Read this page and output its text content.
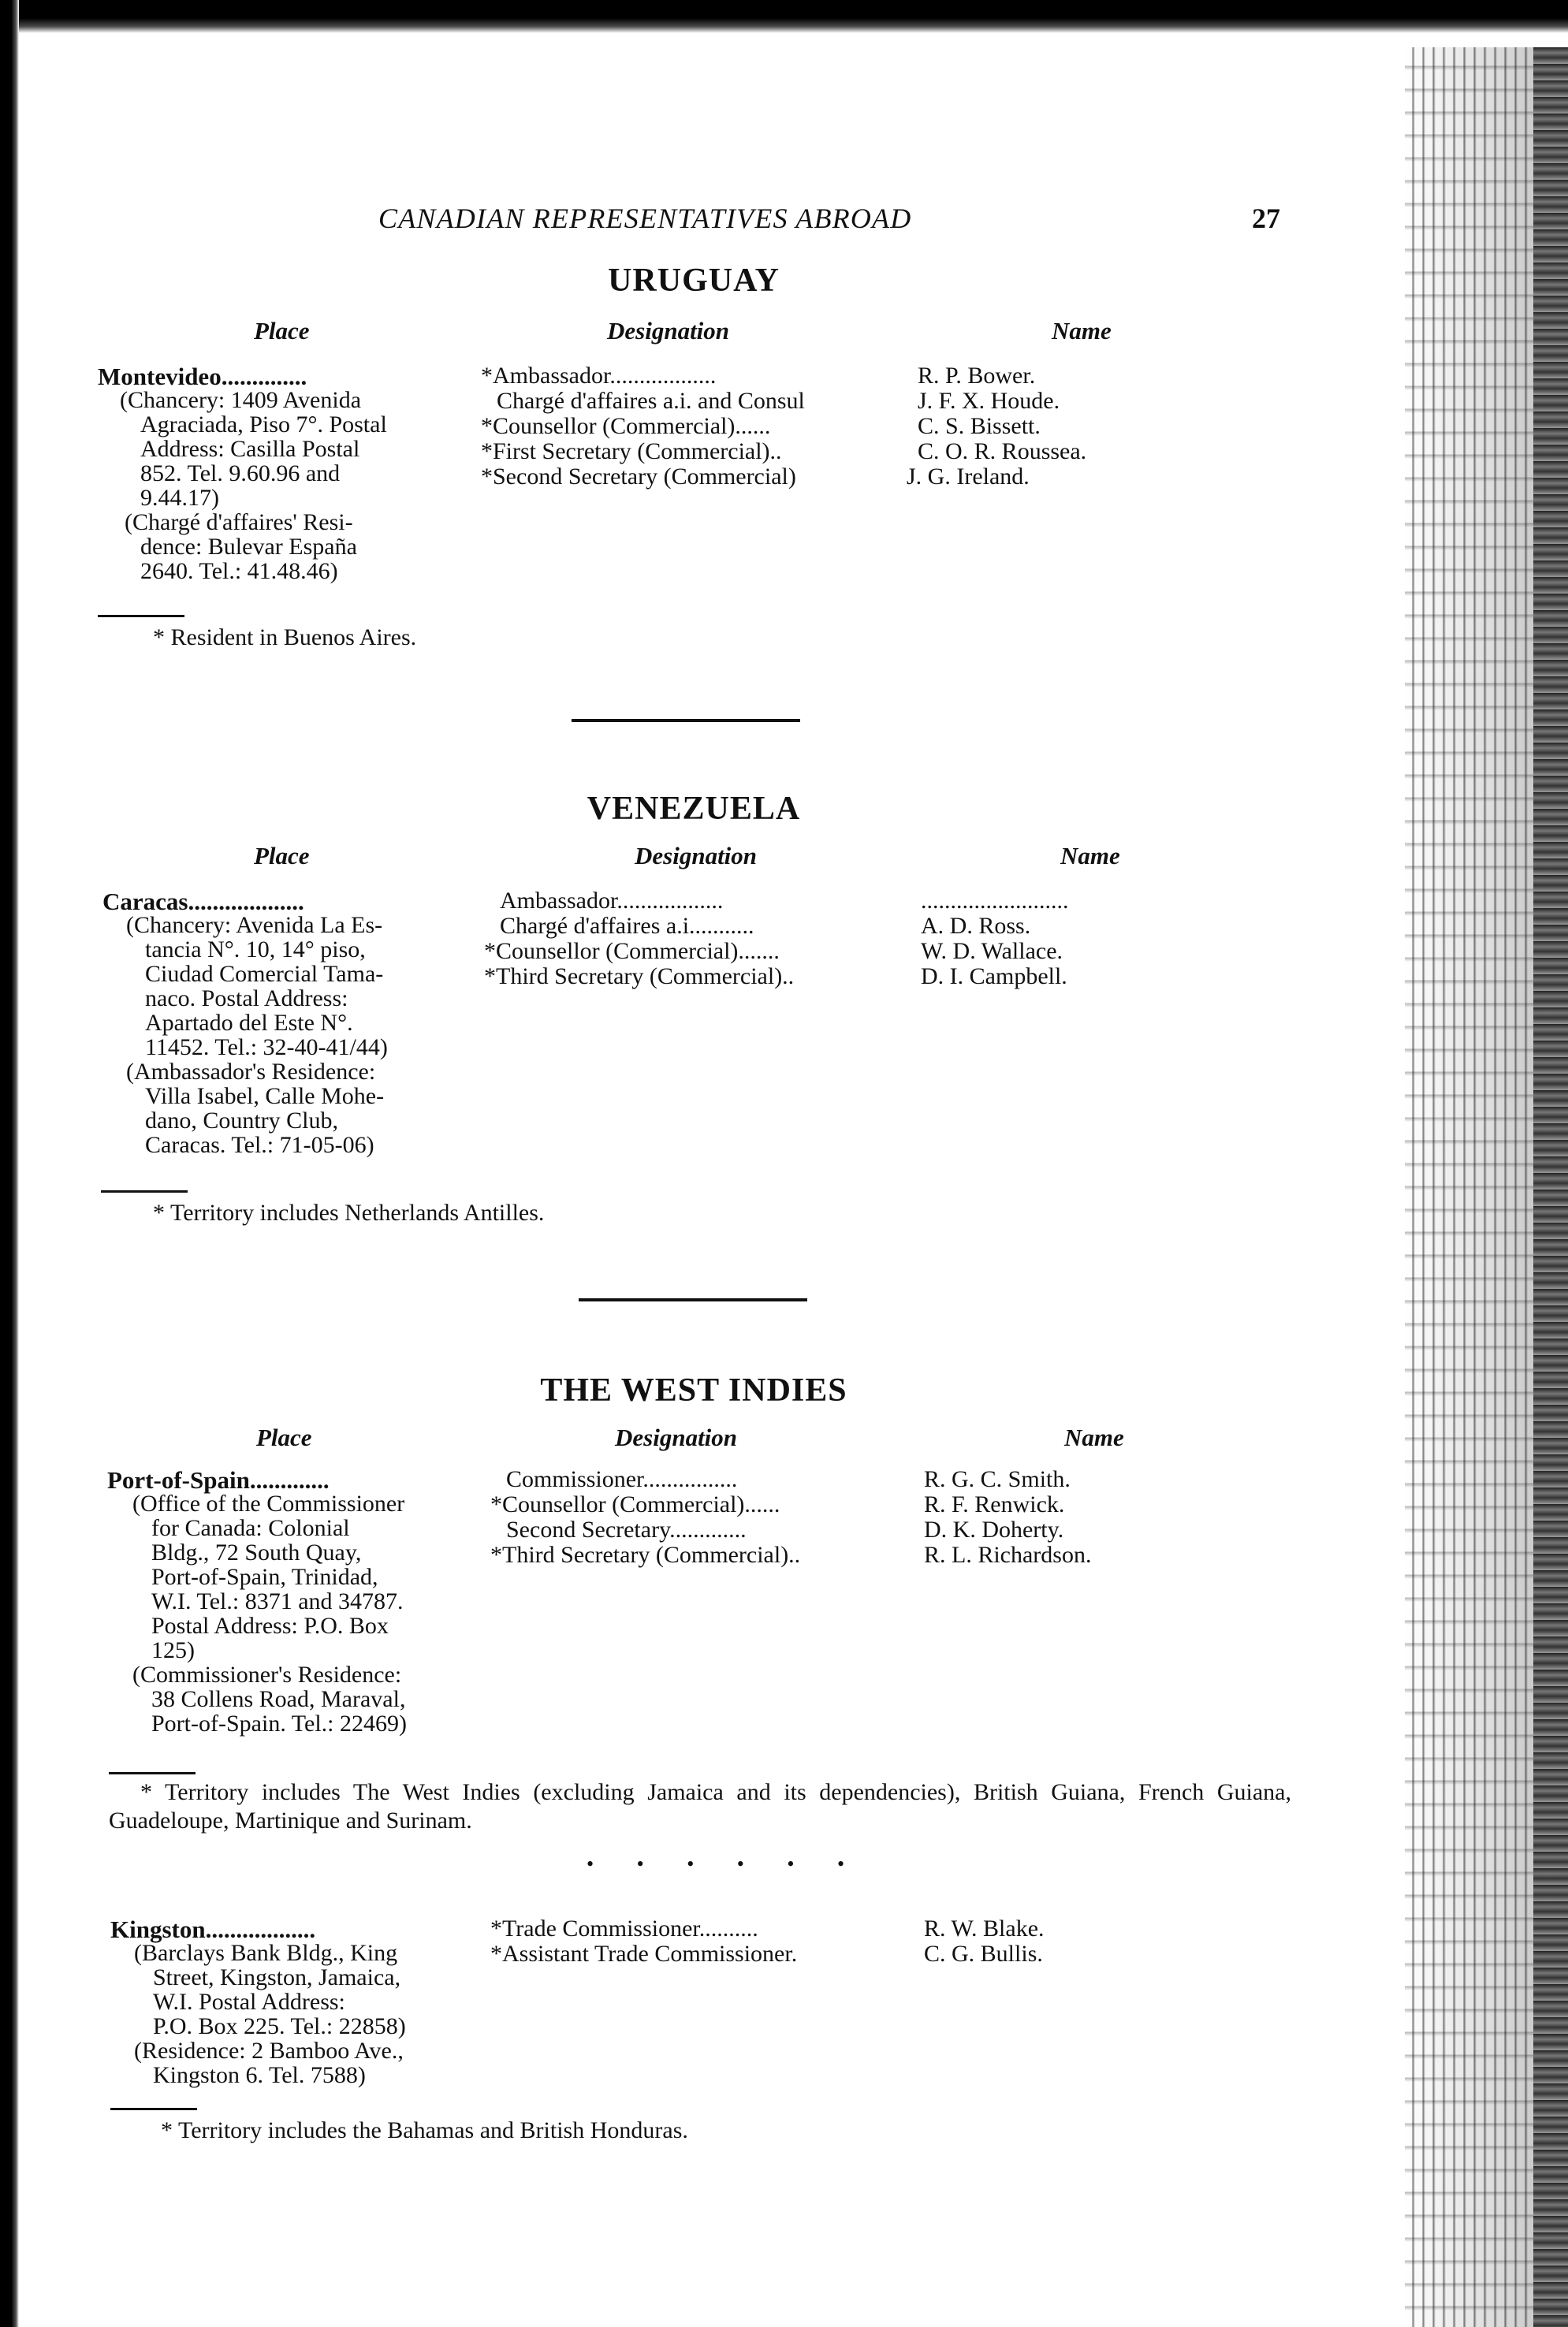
CANADIAN REPRESENTATIVES ABROAD	27
URUGUAY
Place	Designation	Name
Montevideo..............
(Chancery: 1409 Avenida
Agraciada, Piso 7°. Postal
Address: Casilla Postal
852. Tel. 9.60.96 and
9.44.17)
(Chargé d'affaires' Resi-
dence: Bulevar España
2640. Tel.: 41.48.46)
*Ambassador..................	R. P. Bower.
Chargé d'affaires a.i. and Consul	J. F. X. Houde.
*Counsellor (Commercial)......	C. S. Bissett.
*First Secretary (Commercial)..	C. O. R. Roussea.
*Second Secretary (Commercial)	J. G. Ireland.
* Resident in Buenos Aires.
VENEZUELA
Place	Designation	Name
Caracas...................
(Chancery: Avenida La Es-
tancia N°. 10, 14° piso,
Ciudad Comercial Tama-
naco. Postal Address:
Apartado del Este N°.
11452. Tel.: 32-40-41/44)
(Ambassador's Residence:
Villa Isabel, Calle Mohe-
dano, Country Club,
Caracas. Tel.: 71-05-06)
Ambassador..................	.........................
Chargé d'affaires a.i...........	A. D. Ross.
*Counsellor (Commercial).......	W. D. Wallace.
*Third Secretary (Commercial)..	D. I. Campbell.
* Territory includes Netherlands Antilles.
THE WEST INDIES
Place	Designation	Name
Port-of-Spain.............
(Office of the Commissioner
for Canada: Colonial
Bldg., 72 South Quay,
Port-of-Spain, Trinidad,
W.I. Tel.: 8371 and 34787.
Postal Address: P.O. Box
125)
(Commissioner's Residence:
38 Collens Road, Maraval,
Port-of-Spain. Tel.: 22469)
Commissioner................	R. G. C. Smith.
*Counsellor (Commercial)......	R. F. Renwick.
Second Secretary.............	D. K. Doherty.
*Third Secretary (Commercial)..	R. L. Richardson.
* Territory includes The West Indies (excluding Jamaica and its dependencies), British Guiana, French Guiana, Guadeloupe, Martinique and Surinam.
• • • • • •
Kingston..................
(Barclays Bank Bldg., King
Street, Kingston, Jamaica,
W.I. Postal Address:
P.O. Box 225. Tel.: 22858)
(Residence: 2 Bamboo Ave.,
Kingston 6. Tel. 7588)
*Trade Commissioner..........	R. W. Blake.
*Assistant Trade Commissioner.	C. G. Bullis.
* Territory includes the Bahamas and British Honduras.
